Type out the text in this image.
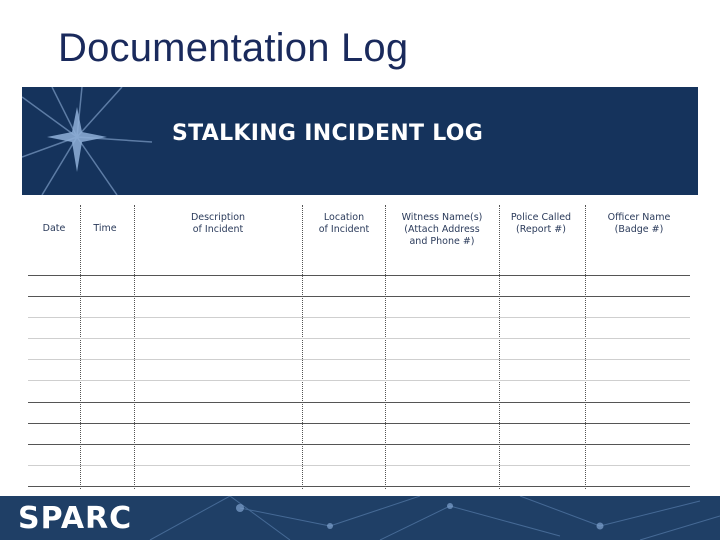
Documentation Log
STALKING INCIDENT LOG
Date	Time
Description
of Incident
Location
of Incident
Witness Name(s)
(Attach Address
and Phone #)
Police Called
(Report #)
Officer Name
(Badge #)
SPARC
